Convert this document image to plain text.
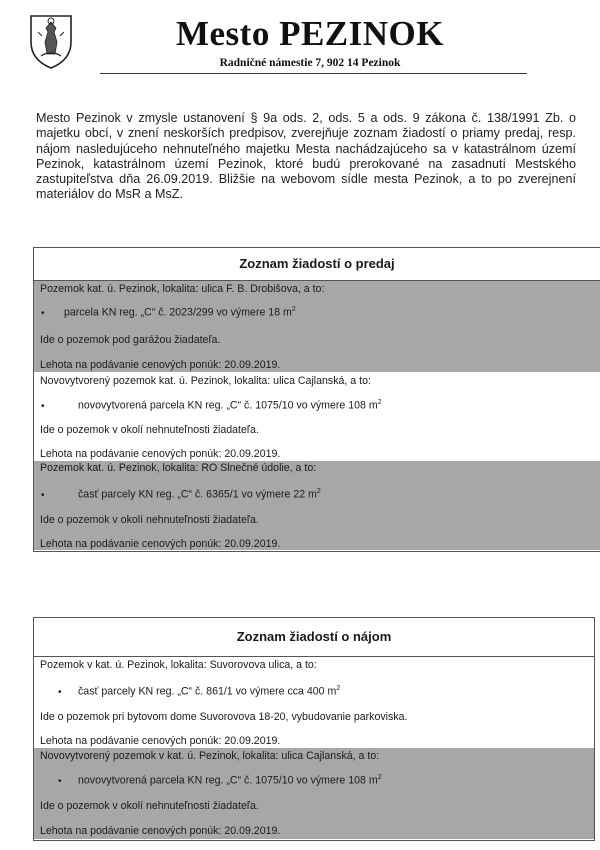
Mesto PEZINOK
Radničné námestie 7, 902 14 Pezinok
Mesto Pezinok v zmysle ustanovení § 9a ods. 2, ods. 5 a ods. 9 zákona č. 138/1991 Zb. o majetku obcí, v znení neskorších predpisov, zverejňuje zoznam žiadostí o priamy predaj, resp. nájom nasledujúceho nehnuteľného majetku Mesta nachádzajúceho sa v katastrálnom území Pezinok, katastrálnom území Pezinok, ktoré budú prerokované na zasadnutí Mestského zastupiteľstva dňa 26.09.2019. Bližšie na webovom sídle mesta Pezinok, a to po zverejnení materiálov do MsR a MsZ.
Zoznam žiadostí o predaj
Pozemok kat. ú. Pezinok, lokalita: ulica F. B. Drobišova, a to:
• parcela KN reg. „C“ č. 2023/299 vo výmere 18 $m^2$
Ide o pozemok pod garážou žiadateľa.
Lehota na podávanie cenových ponúk: 20.09.2019.
Novovytvorený pozemok kat. ú. Pezinok, lokalita: ulica Cajlanská, a to:
•	novovytvorená parcela KN reg. „C“ č. 1075/10 vo výmere 108 $m^2$
Ide o pozemok v okolí nehnuteľnosti žiadateľa.
Lehota na podávanie cenových ponúk: 20.09.2019.
Pozemok kat. ú. Pezinok, lokalita: RO Slnečné údolie, a to:
•	časť parcely KN reg. „C“ č. 6365/1 vo výmere 22 $m^2$
Ide o pozemok v okolí nehnuteľnosti žiadateľa.
Lehota na podávanie cenových ponúk: 20.09.2019.
Zoznam žiadostí o nájom
Pozemok v kat. ú. Pezinok, lokalita: Suvorovova ulica, a to:
• časť parcely KN reg. „C“ č. 861/1 vo výmere cca 400 $m^2$
Ide o pozemok pri bytovom dome Suvorovova 18-20, vybudovanie parkoviska.
Lehota na podávanie cenových ponúk: 20.09.2019.
Novovytvorený pozemok v kat. ú. Pezinok, lokalita: ulica Cajlanská, a to:
• novovytvorená parcela KN reg. „C“ č. 1075/10 vo výmere 108 $m^2$
Ide o pozemok v okolí nehnuteľnosti žiadateľa.
Lehota na podávanie cenových ponúk: 20.09.2019.
